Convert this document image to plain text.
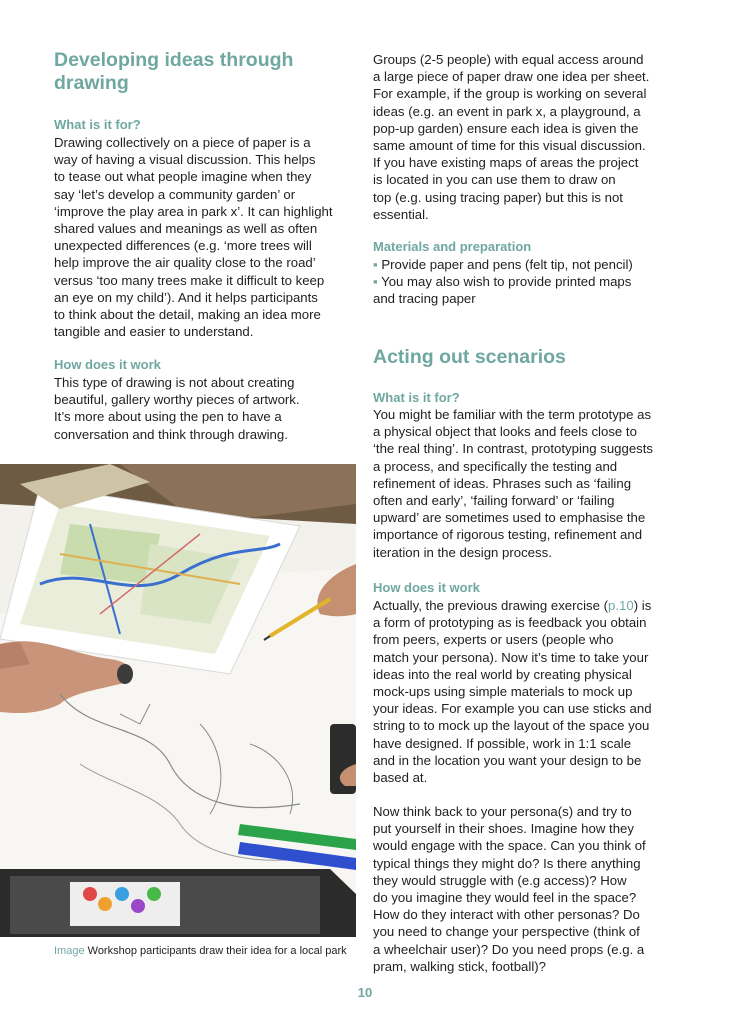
Developing ideas through
drawing
What is it for?

Drawing collectively on a piece of paper is a

way of having a visual discussion. This helps

to tease out what people imagine when they

say ‘let’s develop a community garden’ or

‘improve the play area in park x’. It can highlight

shared values and meanings as well as often

unexpected differences (e.g. ‘more trees will

help improve the air quality close to the road’

versus ‘too many trees make it difficult to keep

an eye on my child’). And it helps participants

to think about the detail, making an idea more

tangible and easier to understand.

How does it work

This type of drawing is not about creating

beautiful, gallery worthy pieces of artwork.

It’s more about using the pen to have a

conversation and think through drawing.

Image Workshop participants draw their idea for a local park

Groups (2-5 people) with equal access around

a large piece of paper draw one idea per sheet.

For example, if the group is working on several

ideas (e.g. an event in park x, a playground, a

pop-up garden) ensure each idea is given the

same amount of time for this visual discussion.

If you have existing maps of areas the project

is located in you can use them to draw on

top (e.g. using tracing paper) but this is not

essential.

Materials and preparation

▪ Provide paper and pens (felt tip, not pencil)

▪ You may also wish to provide printed maps

and tracing paper

Acting out scenarios
What is it for?

You might be familiar with the term prototype as

a physical object that looks and feels close to

‘the real thing’. In contrast, prototyping suggests

a process, and specifically the testing and

refinement of ideas. Phrases such as ‘failing

often and early’, ‘failing forward’ or ‘failing

upward’ are sometimes used to emphasise the

importance of rigorous testing, refinement and

iteration in the design process.

How does it work

Actually, the previous drawing exercise (p.10) is

a form of prototyping as is feedback you obtain

from peers, experts or users (people who

match your persona). Now it’s time to take your

ideas into the real world by creating physical

mock-ups using simple materials to mock up

your ideas. For example you can use sticks and

string to to mock up the layout of the space you

have designed. If possible, work in 1:1 scale

and in the location you want your design to be

based at.

Now think back to your persona(s) and try to

put yourself in their shoes. Imagine how they

would engage with the space. Can you think of

typical things they might do? Is there anything

they would struggle with (e.g access)? How

do you imagine they would feel in the space?

How do they interact with other personas? Do

you need to change your perspective (think of

a wheelchair user)? Do you need props (e.g. a

pram, walking stick, football)?

10
